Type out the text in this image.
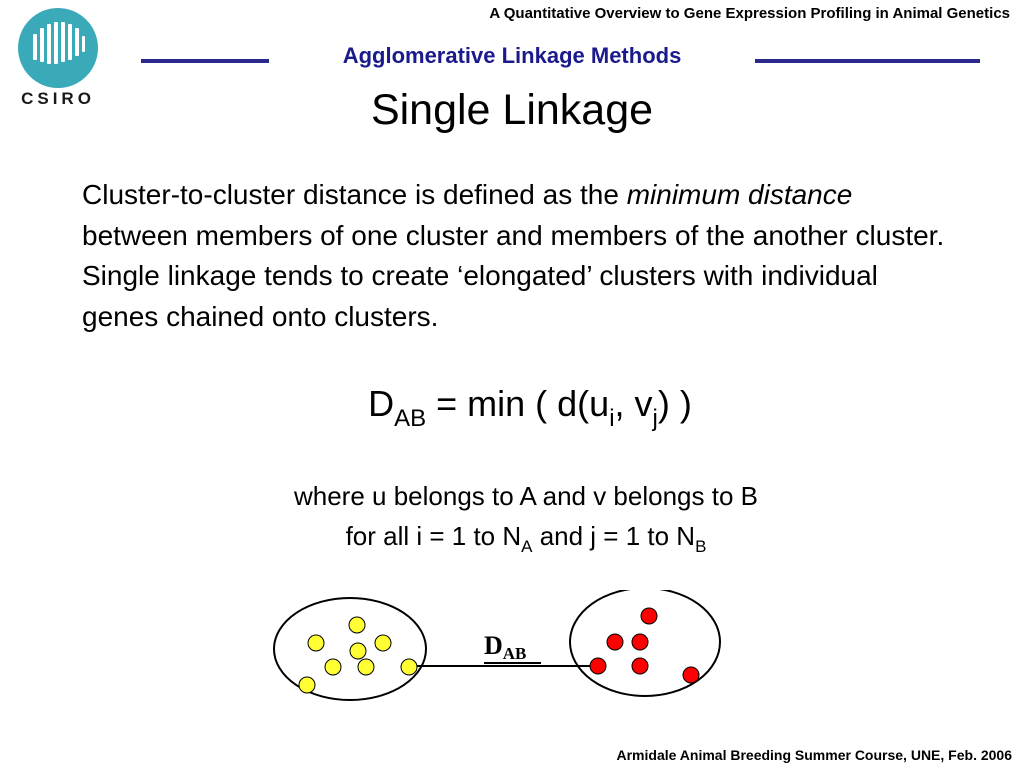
A Quantitative Overview to Gene Expression Profiling in Animal Genetics
CSIRO
Agglomerative Linkage Methods
Single Linkage
Cluster-to-cluster distance is defined as the minimum distance between members of one cluster and members of the another cluster. Single linkage tends to create ‘elongated’ clusters with individual genes chained onto clusters.
$D_{AB} = \min$ ( $d(u_i$, $v_j$) )
where u belongs to A and v belongs to B
for all i = 1 to $N_A$ and j = 1 to $N_B$
DAB
Armidale Animal Breeding Summer Course, UNE, Feb. 2006
